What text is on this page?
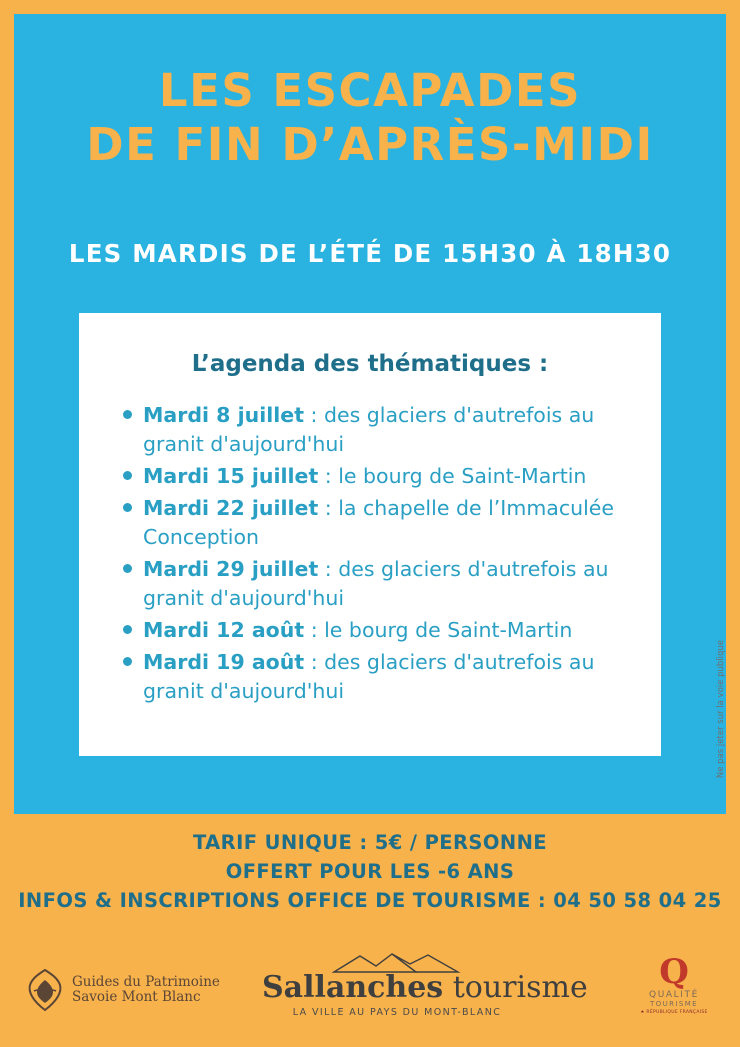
LES ESCAPADES
DE FIN D’APRÈS-MIDI
LES MARDIS DE L’ÉTÉ DE 15H30 À 18H30
L’agenda des thématiques :
Mardi 8 juillet : des glaciers d'autrefois au granit d'aujourd'hui
Mardi 15 juillet : le bourg de Saint-Martin
Mardi 22 juillet : la chapelle de l’Immaculée Conception
Mardi 29 juillet : des glaciers d'autrefois au granit d'aujourd'hui
Mardi 12 août : le bourg de Saint-Martin
Mardi 19 août : des glaciers d'autrefois au granit d'aujourd'hui	Ne pas jeter sur la voie publique
TARIF UNIQUE : 5€ / PERSONNE
OFFERT POUR LES -6 ANS
INFOS & INSCRIPTIONS OFFICE DE TOURISME : 04 50 58 04 25
Guides du Patrimoine
Savoie Mont Blanc	Sallanches tourisme
LA VILLE AU PAYS DU MONT-BLANC
Q
QUALITÉ
TOURISME
★ RÉPUBLIQUE FRANÇAISE
